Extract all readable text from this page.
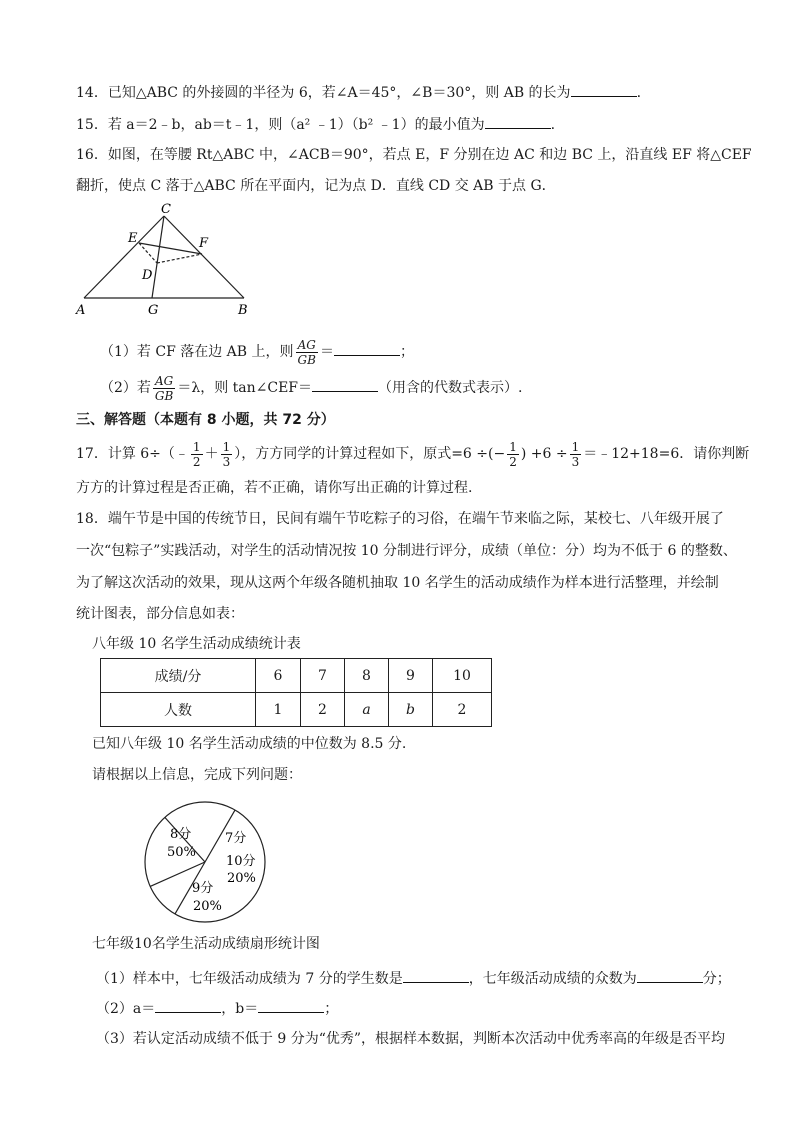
14．已知△ABC 的外接圆的半径为 6，若∠A＝45°，∠B＝30°，则 AB 的长为	.
15．若 a＝2﹣b，ab＝t﹣1，则（a² ﹣1）（b² ﹣1）的最小值为	.
16．如图，在等腰 Rt△ABC 中，∠ACB＝90°，若点 E，F 分别在边 AC 和边 BC 上，沿直线 EF 将△CEF
翻折，使点 C 落于△ABC 所在平面内，记为点 D．直线 CD 交 AB 于点 G．
C
E	F
D
A	G	B
（1）若 CF 落在边 AB 上，则 $\frac{AG}{GB}$ ＝	；
（2）若 $\frac{AG}{GB} =\lambda$，则 tan∠CEF＝	（用含的代数式表示）.
三、解答题（本题有 8 小题，共 72 分）
17．计算 6÷（﹣ $\frac{1}{2} + \frac{1}{3}$ ），方方同学的计算过程如下，原式=6 ÷(− $\frac{1}{2}$ ) $+6 \div \frac{1}{3}$ ＝﹣12+18=6．请你判断
方方的计算过程是否正确，若不正确，请你写出正确的计算过程.
18．端午节是中国的传统节日，民间有端午节吃粽子的习俗，在端午节来临之际，某校七、八年级开展了
一次“包粽子”实践活动，对学生的活动情况按 10 分制进行评分，成绩（单位：分）均为不低于 6 的整数、
为了解这次活动的效果，现从这两个年级各随机抽取 10 名学生的活动成绩作为样本进行活整理，并绘制
统计图表，部分信息如表：
八年级 10 名学生活动成绩统计表
成绩/分	6	7	8	9	10
人数	1	2	a	b	2
已知八年级 10 名学生活动成绩的中位数为 8.5 分.
请根据以上信息，完成下列问题：
8分
50%
7分
10分
20%
9分
20%
七年级10名学生活动成绩扇形统计图
（1）样本中，七年级活动成绩为 7 分的学生数是	，七年级活动成绩的众数为	分；
（2）a＝	，b＝	；
（3）若认定活动成绩不低于 9 分为“优秀”，根据样本数据，判断本次活动中优秀率高的年级是否平均
